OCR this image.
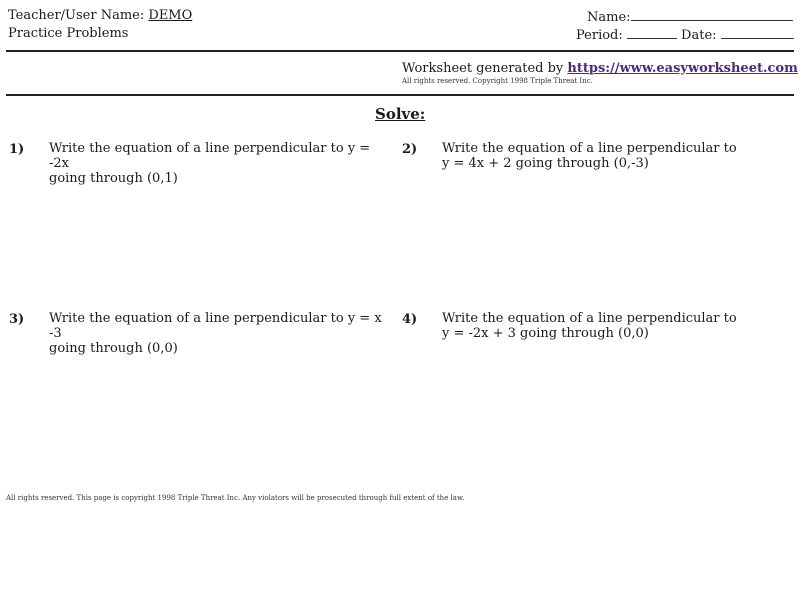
Teacher/User Name: DEMO
Practice Problems
Name:
Period:	Date:
Worksheet generated by https://www.easyworksheet.com
All rights reserved. Copyright 1998 Triple Threat Inc.
Solve:
1) Write the equation of a line perpendicular to y = -2x
going through (0,1)
2) Write the equation of a line perpendicular to
y = 4x + 2 going through (0,-3)
3) Write the equation of a line perpendicular to y = x -3
going through (0,0)
4) Write the equation of a line perpendicular to
y = -2x + 3 going through (0,0)
All rights reserved. This page is copyright 1998 Triple Threat Inc. Any violators will be prosecuted through full extent of the law.
